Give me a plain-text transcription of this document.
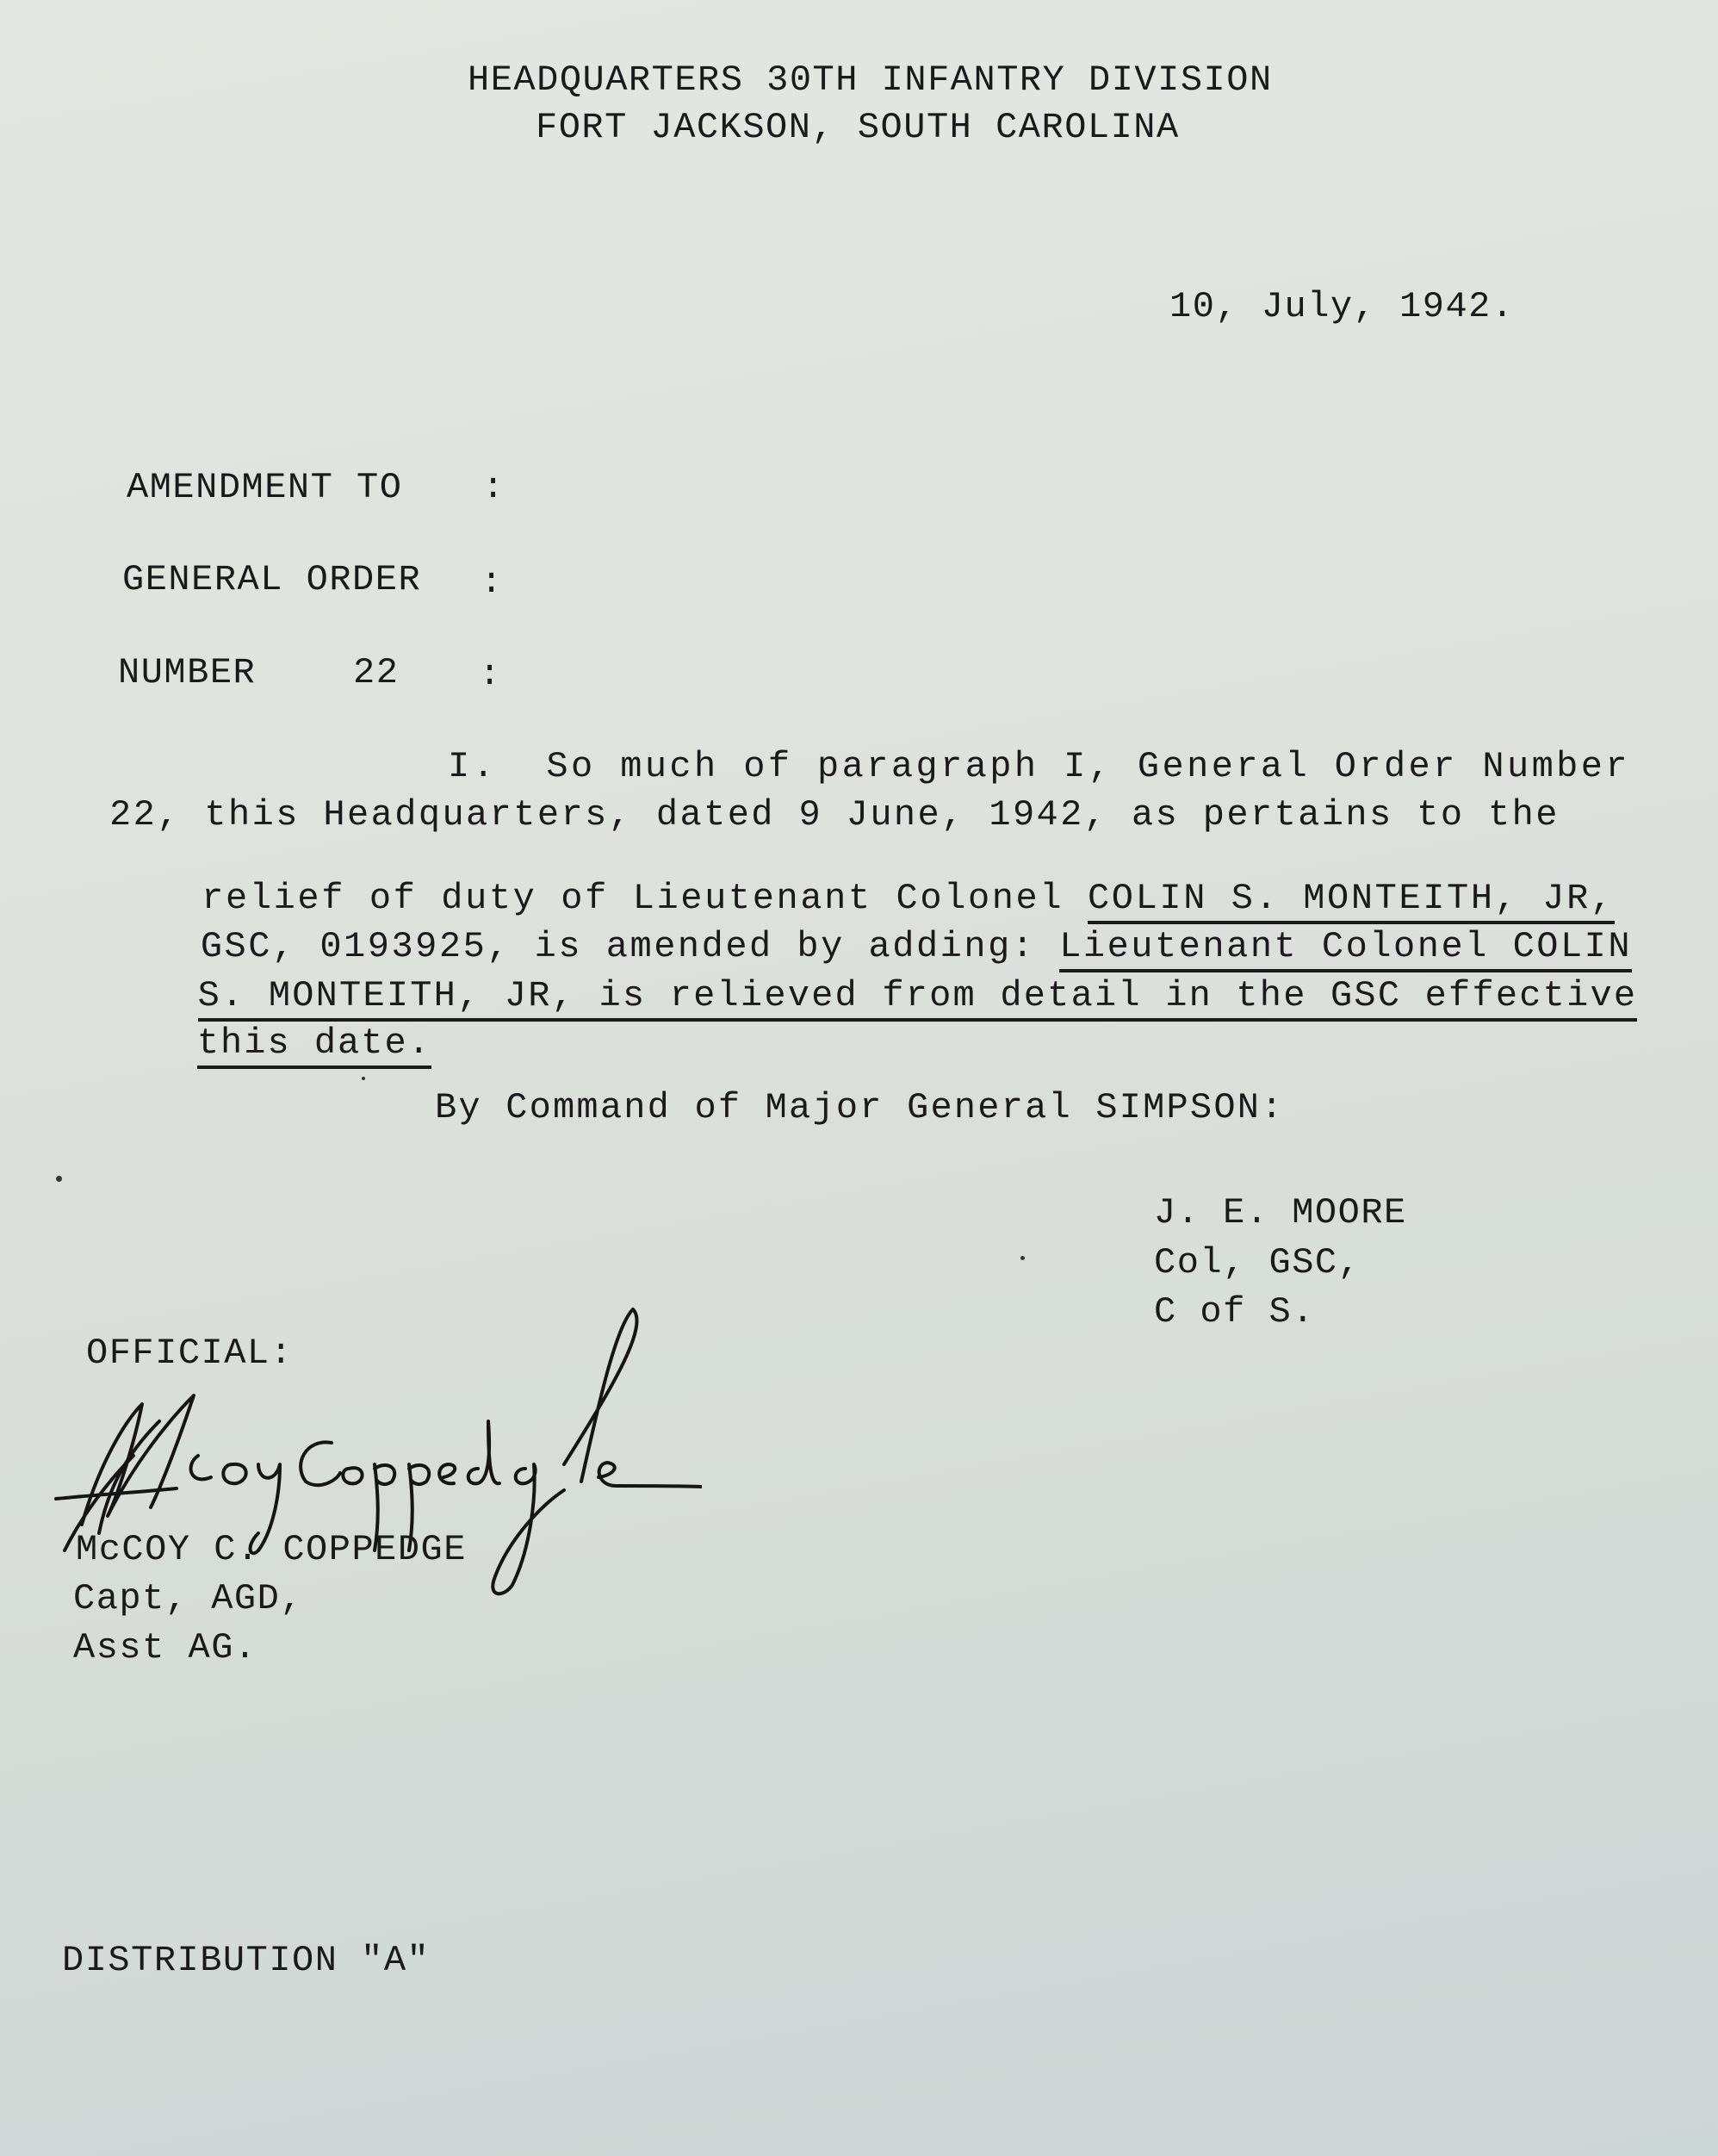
HEADQUARTERS 30TH INFANTRY DIVISION
FORT JACKSON, SOUTH CAROLINA
10, July, 1942.
AMENDMENT TO :
GENERAL ORDER :
NUMBER	22 :
I.  So much of paragraph I, General Order Number
22, this Headquarters, dated 9 June, 1942, as pertains to the

relief of duty of Lieutenant Colonel COLIN S. MONTEITH, JR,

GSC, 0193925, is amended by adding: Lieutenant Colonel COLIN

S. MONTEITH, JR, is relieved from detail in the GSC effective

this date.

By Command of Major General SIMPSON:
J. E. MOORE
Col, GSC,
C of S.
OFFICIAL:
McCOY C. COPPEDGE
Capt, AGD,
Asst AG.
DISTRIBUTION "A"
